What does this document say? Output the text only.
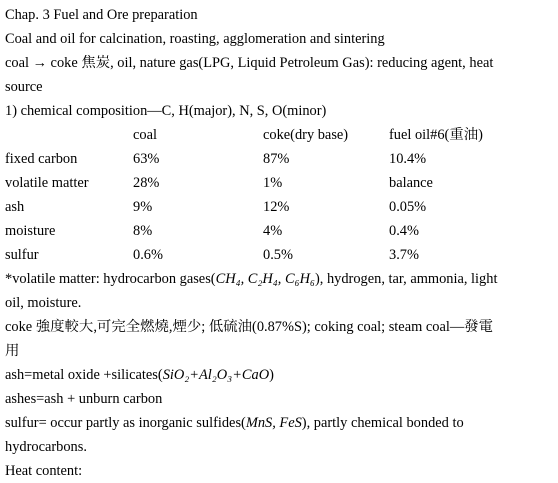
Chap. 3 Fuel and Ore preparation
Coal and oil for calcination, roasting, agglomeration and sintering
coal → coke 焦炭, oil, nature gas(LPG, Liquid Petroleum Gas): reducing agent, heat
source
1) chemical composition—C, H(major), N, S, O(minor)
	coal	coke(dry base)	fuel oil#6(重油)
fixed carbon	63%	87%	10.4%
volatile matter	28%	1%	balance
ash	9%	12%	0.05%
moisture	8%	4%	0.4%
sulfur	0.6%	0.5%	3.7%
*volatile matter: hydrocarbon gases(CH₄, C₂H₄, C₆H₆), hydrogen, tar, ammonia, light
oil, moisture.
coke 強度較大,可完全燃燒,煙少; 低硫油(0.87%S); coking coal; steam coal—發電
用
ash=metal oxide +silicates(SiO₂+Al₂O₃+CaO)
ashes=ash + unburn carbon
sulfur= occur partly as inorganic sulfides(MnS, FeS), partly chemical bonded to
hydrocarbons.
Heat content:
